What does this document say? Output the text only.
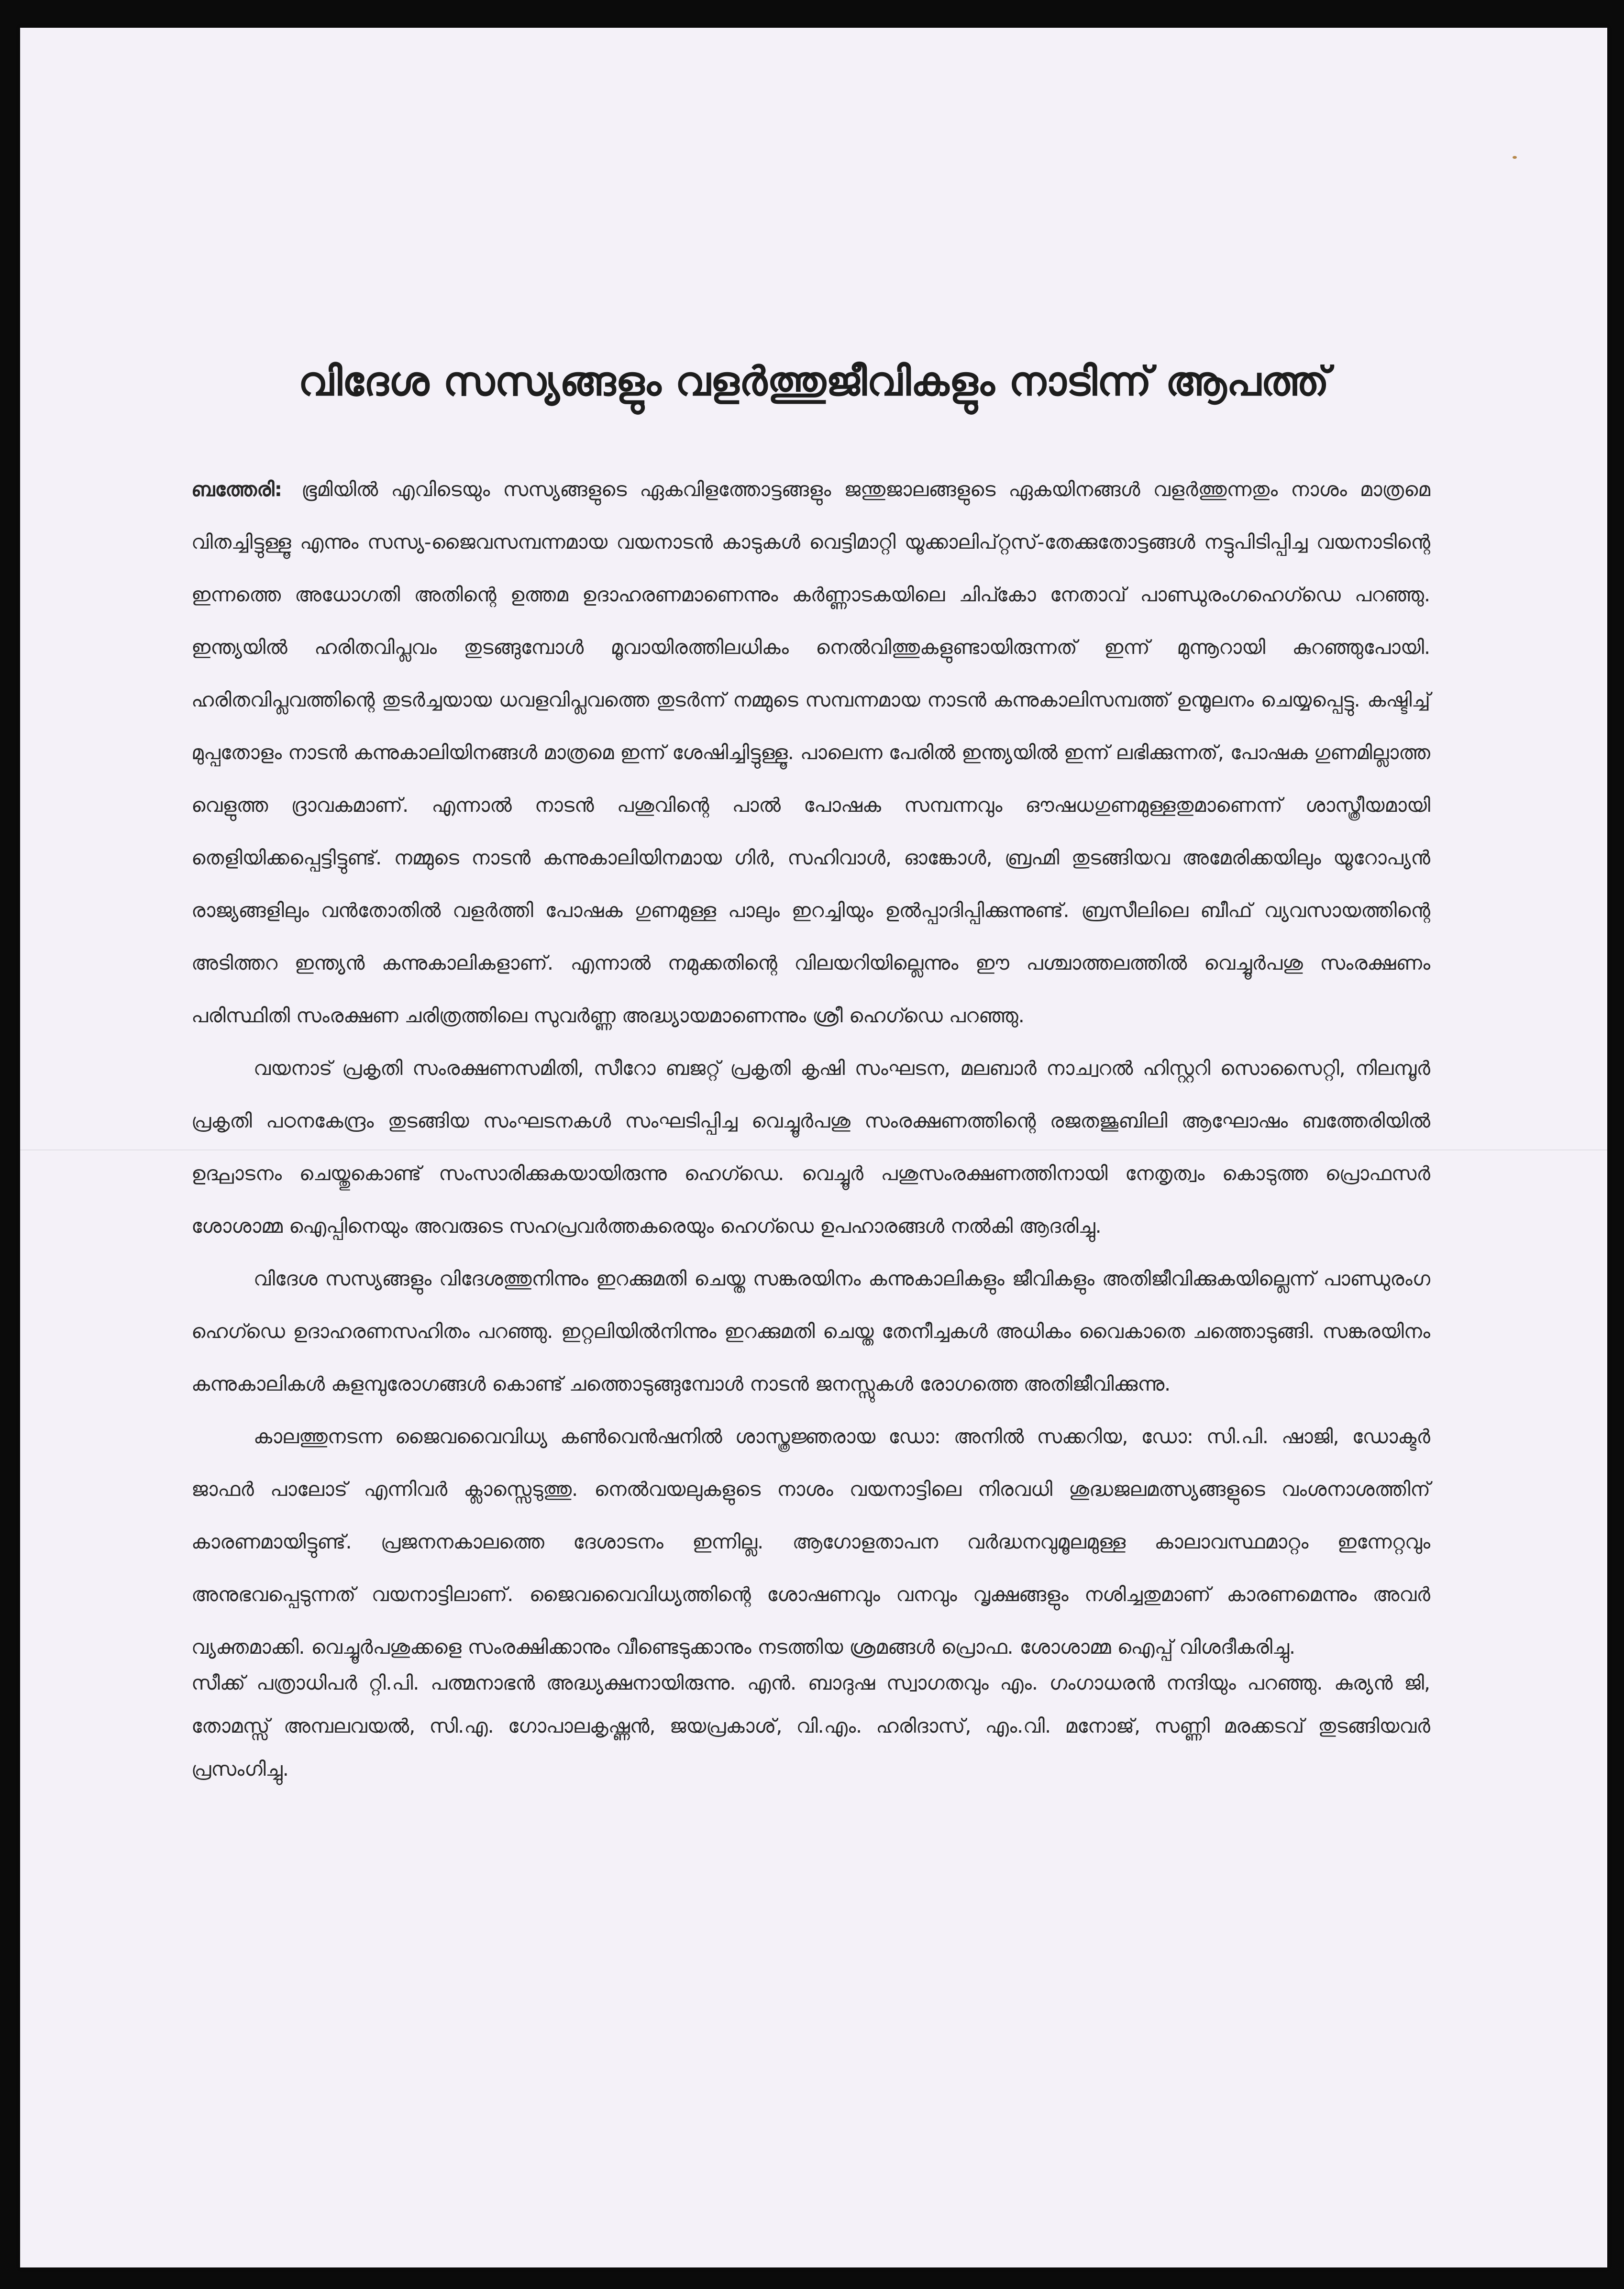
വിദേശ സസ്യങ്ങളും വളർത്തുജീവികളും നാടിന്ന് ആപത്ത്

ബത്തേരി: ഭൂമിയിൽ എവിടെയും സസ്യങ്ങളുടെ ഏകവിളത്തോട്ടങ്ങളും ജന്തുജാലങ്ങളുടെ ഏകയിനങ്ങൾ വളർത്തുന്നതും നാശം മാത്രമെ വിതച്ചിട്ടുള്ളൂ എന്നും സസ്യ-ജൈവസമ്പന്നമായ വയനാടൻ കാടുകൾ വെട്ടിമാറ്റി യൂക്കാലിപ്റ്റസ്-തേക്കുതോട്ടങ്ങൾ നട്ടുപിടിപ്പിച്ച വയനാടിന്റെ ഇന്നത്തെ അധോഗതി അതിന്റെ ഉത്തമ ഉദാഹരണമാണെന്നും കർണ്ണാടകയിലെ ചിപ്കോ നേതാവ് പാണ്ഡുരംഗഹെഗ്ഡെ പറഞ്ഞു. ഇന്ത്യയിൽ ഹരിതവിപ്ലവം തുടങ്ങുമ്പോൾ മൂവായിരത്തിലധികം നെൽവിത്തുകളുണ്ടായിരുന്നത് ഇന്ന് മുന്നൂറായി കുറഞ്ഞുപോയി. ഹരിതവിപ്ലവത്തിന്റെ തുടർച്ചയായ ധവളവിപ്ലവത്തെ തുടർന്ന് നമ്മുടെ സമ്പന്നമായ നാടൻ കന്നുകാലിസമ്പത്ത് ഉന്മൂലനം ചെയ്യപ്പെട്ടു. കഷ്ടിച്ച് മുപ്പതോളം നാടൻ കന്നുകാലിയിനങ്ങൾ മാത്രമെ ഇന്ന് ശേഷിച്ചിട്ടുള്ളൂ. പാലെന്ന പേരിൽ ഇന്ത്യയിൽ ഇന്ന് ലഭിക്കുന്നത്, പോഷക ഗുണമില്ലാത്ത വെളുത്ത ദ്രാവകമാണ്. എന്നാൽ നാടൻ പശുവിന്റെ പാൽ പോഷക സമ്പന്നവും ഔഷധഗുണമുള്ളതുമാണെന്ന് ശാസ്ത്രീയമായി തെളിയിക്കപ്പെട്ടിട്ടുണ്ട്. നമ്മുടെ നാടൻ കന്നുകാലിയിനമായ ഗിർ, സഹിവാൾ, ഓങ്കോൾ, ബ്രഹ്മി തുടങ്ങിയവ അമേരിക്കയിലും യൂറോപ്യൻ രാജ്യങ്ങളിലും വൻതോതിൽ വളർത്തി പോഷക ഗുണമുള്ള പാലും ഇറച്ചിയും ഉൽപ്പാദിപ്പിക്കുന്നുണ്ട്. ബ്രസീലിലെ ബീഫ് വ്യവസായത്തിന്റെ അടിത്തറ ഇന്ത്യൻ കന്നുകാലികളാണ്. എന്നാൽ നമുക്കതിന്റെ വിലയറിയില്ലെന്നും ഈ പശ്ചാത്തലത്തിൽ വെച്ചൂർപശു സംരക്ഷണം പരിസ്ഥിതി സംരക്ഷണ ചരിത്രത്തിലെ സുവർണ്ണ അദ്ധ്യായമാണെന്നും ശ്രീ ഹെഗ്ഡെ പറഞ്ഞു.

വയനാട് പ്രകൃതി സംരക്ഷണസമിതി, സീറോ ബജറ്റ് പ്രകൃതി കൃഷി സംഘടന, മലബാർ നാച്വറൽ ഹിസ്റ്ററി സൊസൈറ്റി, നിലമ്പൂർ പ്രകൃതി പഠനകേന്ദ്രം തുടങ്ങിയ സംഘടനകൾ സംഘടിപ്പിച്ച വെച്ചൂർപശു സംരക്ഷണത്തിന്റെ രജതജൂബിലി ആഘോഷം ബത്തേരിയിൽ ഉദ്ഘാടനം ചെയ്തുകൊണ്ട് സംസാരിക്കുകയായിരുന്നു ഹെഗ്ഡെ. വെച്ചൂർ പശുസംരക്ഷണത്തിനായി നേതൃത്വം കൊടുത്ത പ്രൊഫസർ ശോശാമ്മ ഐപ്പിനെയും അവരുടെ സഹപ്രവർത്തകരെയും ഹെഗ്ഡെ ഉപഹാരങ്ങൾ നൽകി ആദരിച്ചു.

വിദേശ സസ്യങ്ങളും വിദേശത്തുനിന്നും ഇറക്കുമതി ചെയ്ത സങ്കരയിനം കന്നുകാലികളും ജീവികളും അതിജീവിക്കുകയില്ലെന്ന് പാണ്ഡുരംഗ ഹെഗ്ഡെ ഉദാഹരണസഹിതം പറഞ്ഞു. ഇറ്റലിയിൽനിന്നും ഇറക്കുമതി ചെയ്ത തേനീച്ചകൾ അധികം വൈകാതെ ചത്തൊടുങ്ങി. സങ്കരയിനം കന്നുകാലികൾ കുളമ്പുരോഗങ്ങൾ കൊണ്ട് ചത്തൊടുങ്ങുമ്പോൾ നാടൻ ജനസ്സുകൾ രോഗത്തെ അതിജീവിക്കുന്നു.

കാലത്തുനടന്ന ജൈവവൈവിധ്യ കൺവെൻഷനിൽ ശാസ്ത്രജ്ഞരായ ഡോ: അനിൽ സക്കറിയ, ഡോ: സി.പി. ഷാജി, ഡോക്ടർ ജാഫർ പാലോട് എന്നിവർ ക്ലാസ്സെടുത്തു. നെൽവയലുകളുടെ നാശം വയനാട്ടിലെ നിരവധി ശുദ്ധജലമത്സ്യങ്ങളുടെ വംശനാശത്തിന് കാരണമായിട്ടുണ്ട്. പ്രജനനകാലത്തെ ദേശാടനം ഇന്നില്ല. ആഗോളതാപന വർദ്ധനവുമൂലമുള്ള കാലാവസ്ഥമാറ്റം ഇന്നേറ്റവും അനുഭവപ്പെടുന്നത് വയനാട്ടിലാണ്. ജൈവവൈവിധ്യത്തിന്റെ ശോഷണവും വനവും വൃക്ഷങ്ങളും നശിച്ചതുമാണ് കാരണമെന്നും അവർ വ്യക്തമാക്കി. വെച്ചൂർപശുക്കളെ സംരക്ഷിക്കാനും വീണ്ടെടുക്കാനും നടത്തിയ ശ്രമങ്ങൾ പ്രൊഫ. ശോശാമ്മ ഐപ്പ് വിശദീകരിച്ചു.

സീക്ക് പത്രാധിപർ റ്റി.പി. പത്മനാഭൻ അദ്ധ്യക്ഷനായിരുന്നു. എൻ. ബാദുഷ സ്വാഗതവും എം. ഗംഗാധരൻ നന്ദിയും പറഞ്ഞു. കുര്യൻ ജി, തോമസ്സ് അമ്പലവയൽ, സി.എ. ഗോപാലകൃഷ്ണൻ, ജയപ്രകാശ്, വി.എം. ഹരിദാസ്, എം.വി. മനോജ്, സണ്ണി മരക്കടവ് തുടങ്ങിയവർ പ്രസംഗിച്ചു.
